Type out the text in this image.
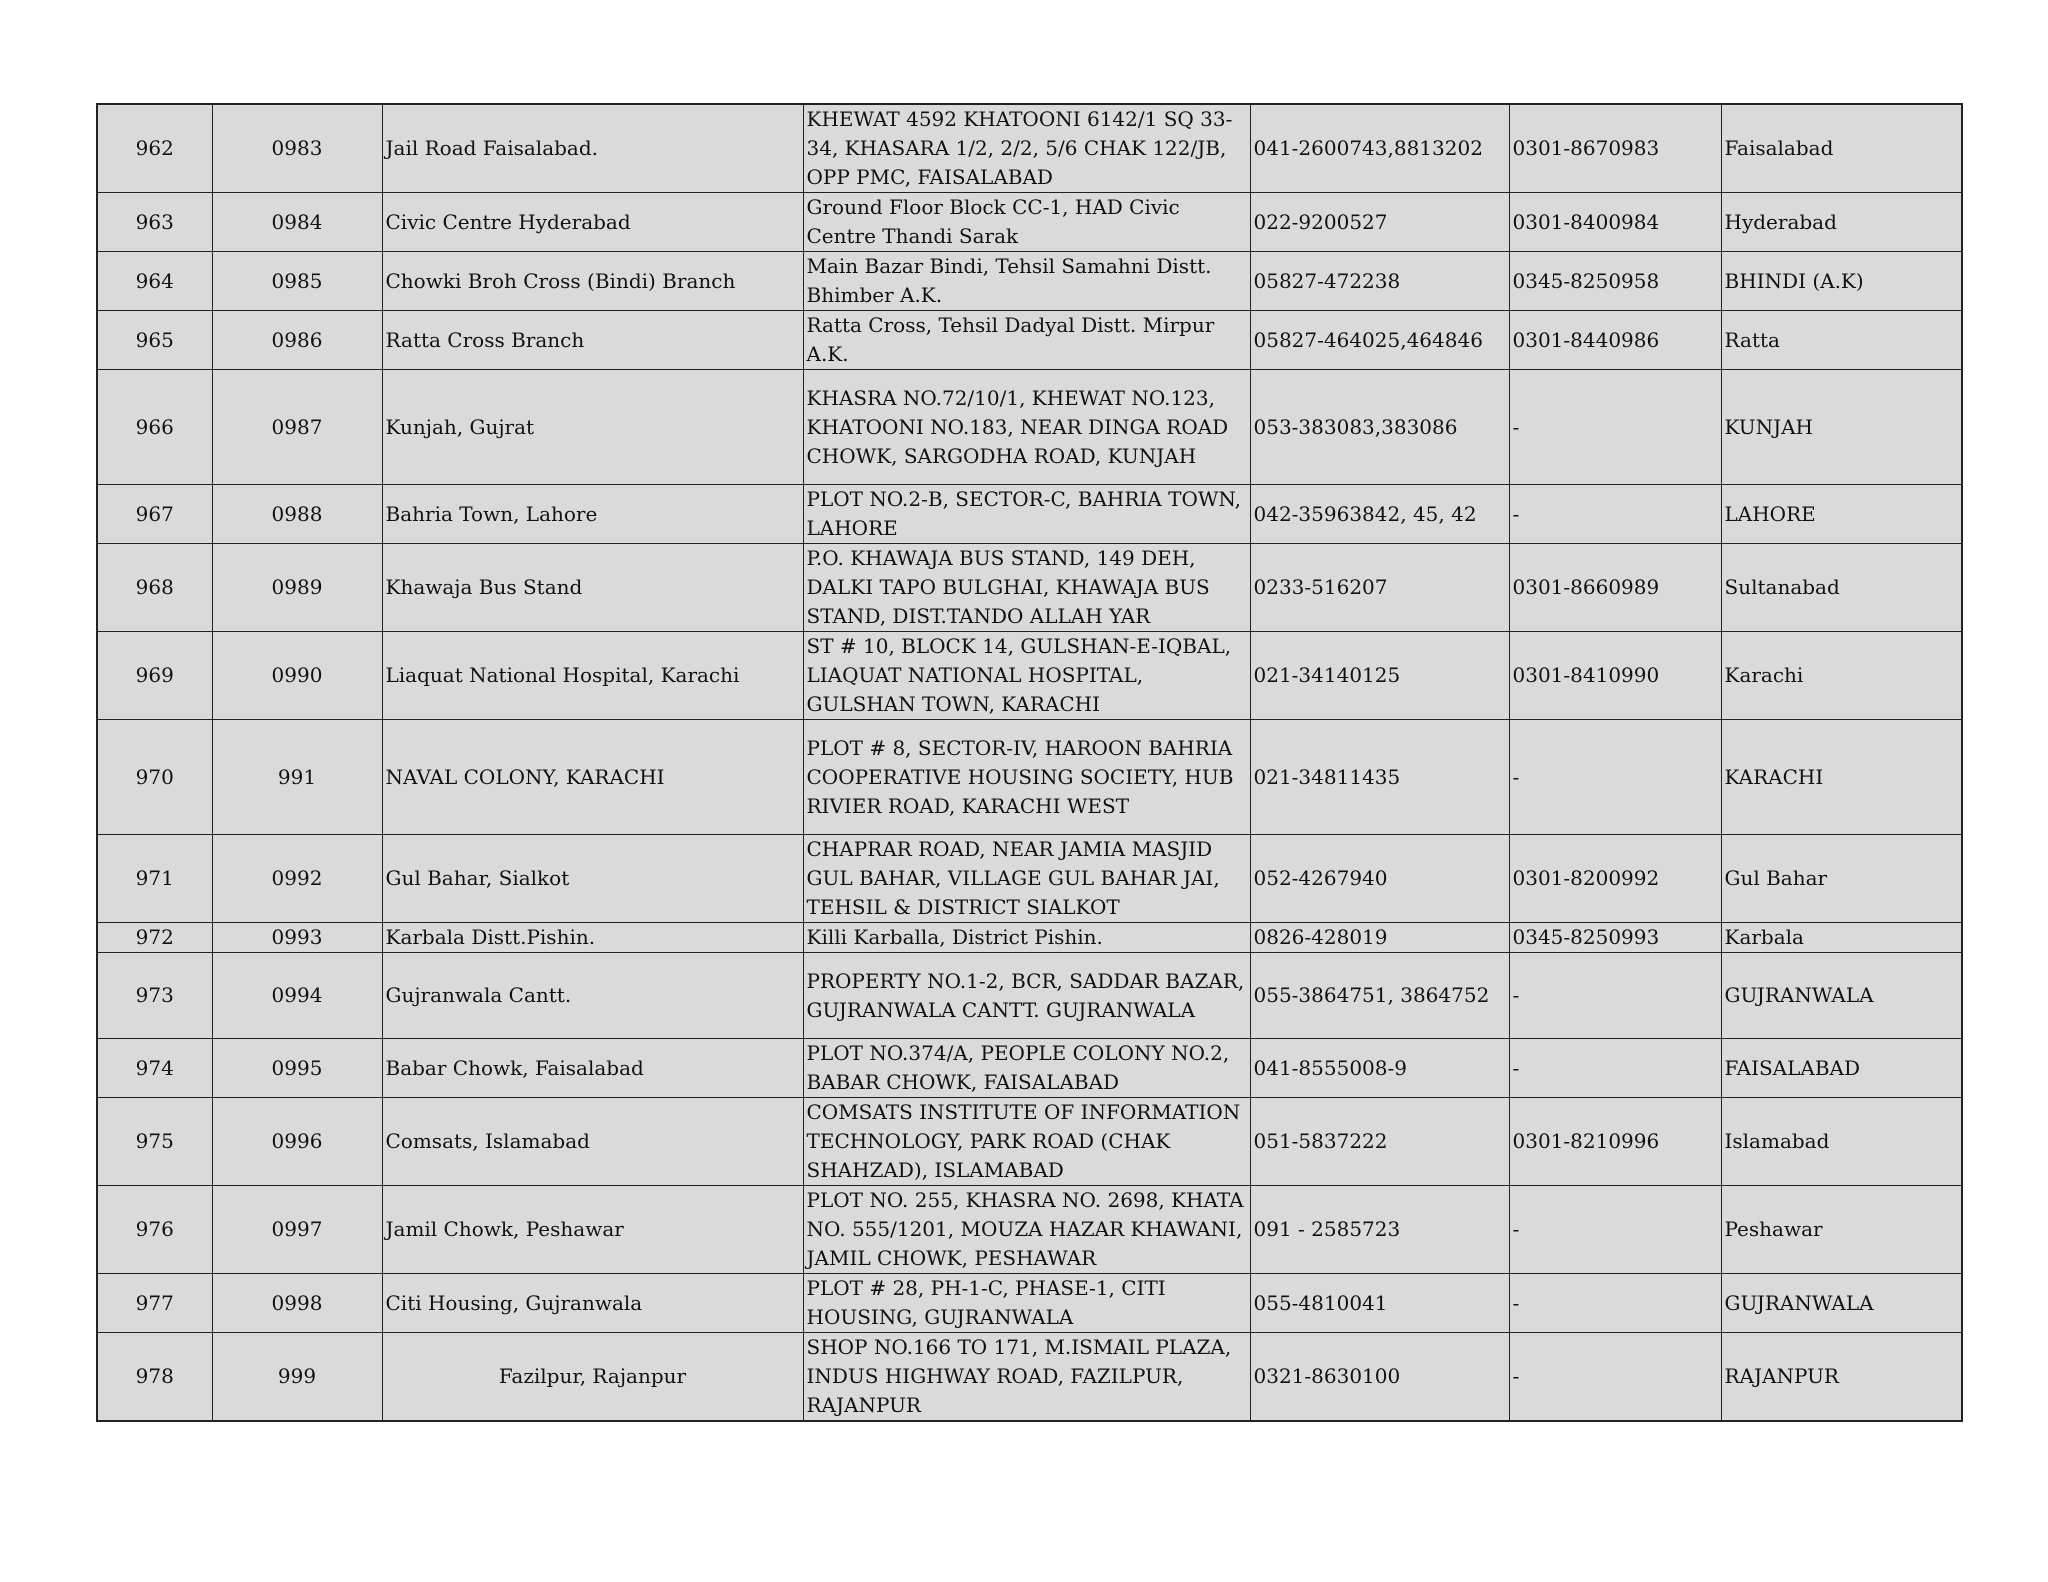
962	0983	Jail Road Faisalabad.	KHEWAT 4592 KHATOONI 6142/1 SQ 33-34, KHASARA 1/2, 2/2, 5/6 CHAK 122/JB, OPP PMC, FAISALABAD	041-2600743,8813202	0301-8670983	Faisalabad
963	0984	Civic Centre Hyderabad	Ground Floor Block CC-1, HAD Civic Centre Thandi Sarak	022-9200527	0301-8400984	Hyderabad
964	0985	Chowki Broh Cross (Bindi) Branch	Main Bazar Bindi, Tehsil Samahni Distt. Bhimber A.K.	05827-472238	0345-8250958	BHINDI (A.K)
965	0986	Ratta Cross Branch	Ratta Cross, Tehsil Dadyal Distt. Mirpur A.K.	05827-464025,464846	0301-8440986	Ratta
966	0987	Kunjah, Gujrat	KHASRA NO.72/10/1, KHEWAT NO.123, KHATOONI NO.183, NEAR DINGA ROAD CHOWK, SARGODHA ROAD, KUNJAH	053-383083,383086	-	KUNJAH
967	0988	Bahria Town, Lahore	PLOT NO.2-B, SECTOR-C, BAHRIA TOWN, LAHORE	042-35963842, 45, 42	-	LAHORE
968	0989	Khawaja Bus Stand	P.O. KHAWAJA BUS STAND, 149 DEH, DALKI TAPO BULGHAI, KHAWAJA BUS STAND, DIST.TANDO ALLAH YAR	0233-516207	0301-8660989	Sultanabad
969	0990	Liaquat National Hospital, Karachi	ST # 10, BLOCK 14, GULSHAN-E-IQBAL, LIAQUAT NATIONAL HOSPITAL, GULSHAN TOWN, KARACHI	021-34140125	0301-8410990	Karachi
970	991	NAVAL COLONY, KARACHI	PLOT # 8, SECTOR-IV, HAROON BAHRIA COOPERATIVE HOUSING SOCIETY, HUB RIVIER ROAD, KARACHI WEST	021-34811435	-	KARACHI
971	0992	Gul Bahar, Sialkot	CHAPRAR ROAD, NEAR JAMIA MASJID GUL BAHAR, VILLAGE GUL BAHAR JAI, TEHSIL & DISTRICT SIALKOT	052-4267940	0301-8200992	Gul Bahar
972	0993	Karbala Distt.Pishin.	Killi Karballa, District Pishin.	0826-428019	0345-8250993	Karbala
973	0994	Gujranwala Cantt.	PROPERTY NO.1-2, BCR, SADDAR BAZAR, GUJRANWALA CANTT. GUJRANWALA	055-3864751, 3864752	-	GUJRANWALA
974	0995	Babar Chowk, Faisalabad	PLOT NO.374/A, PEOPLE COLONY NO.2, BABAR CHOWK, FAISALABAD	041-8555008-9	-	FAISALABAD
975	0996	Comsats, Islamabad	COMSATS INSTITUTE OF INFORMATION TECHNOLOGY, PARK ROAD (CHAK SHAHZAD), ISLAMABAD	051-5837222	0301-8210996	Islamabad
976	0997	Jamil Chowk, Peshawar	PLOT NO. 255, KHASRA NO. 2698, KHATA NO. 555/1201, MOUZA HAZAR KHAWANI, JAMIL CHOWK, PESHAWAR	091 - 2585723	-	Peshawar
977	0998	Citi Housing, Gujranwala	PLOT # 28, PH-1-C, PHASE-1, CITI HOUSING, GUJRANWALA	055-4810041	-	GUJRANWALA
978	999	Fazilpur, Rajanpur	SHOP NO.166 TO 171, M.ISMAIL PLAZA, INDUS HIGHWAY ROAD, FAZILPUR, RAJANPUR	0321-8630100	-	RAJANPUR
